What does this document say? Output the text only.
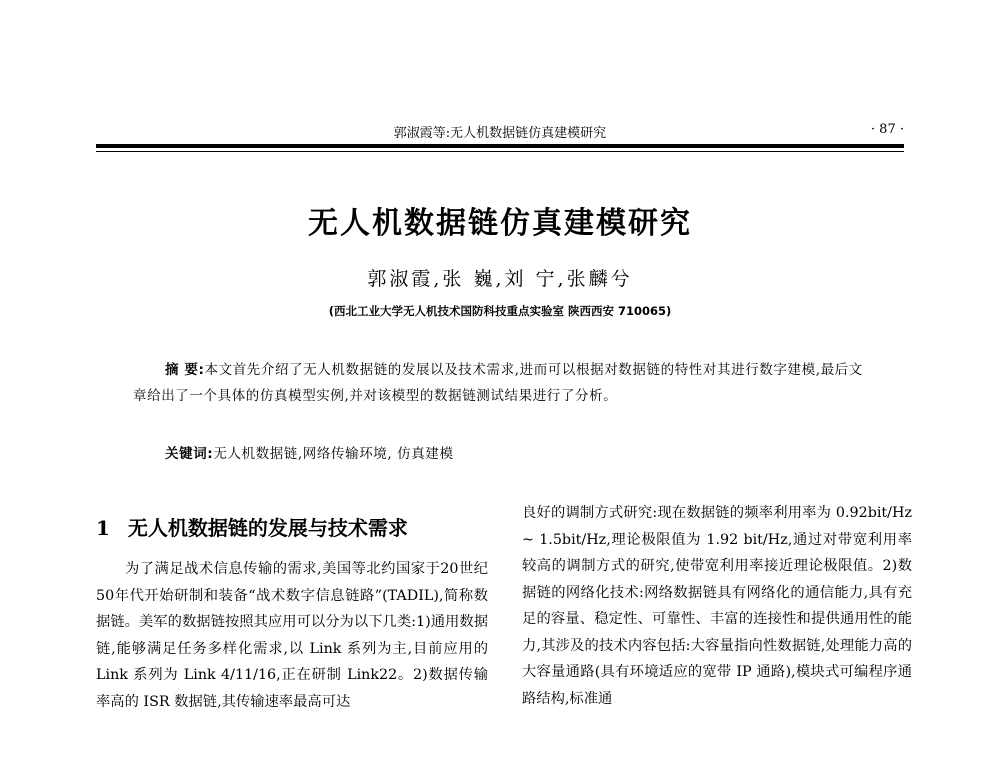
郭淑霞等:无人机数据链仿真建模研究	· 87 ·
无人机数据链仿真建模研究
郭淑霞,张 巍,刘 宁,张麟兮
(西北工业大学无人机技术国防科技重点实验室 陕西西安 710065)
摘 要:本文首先介绍了无人机数据链的发展以及技术需求,进而可以根据对数据链的特性对其进行数字建模,最后文章给出了一个具体的仿真模型实例,并对该模型的数据链测试结果进行了分析。
关键词:无人机数据链,网络传输环境, 仿真建模
1 无人机数据链的发展与技术需求
为了满足战术信息传输的需求,美国等北约国家于20世纪50年代开始研制和装备“战术数字信息链路”(TADIL),简称数据链。美军的数据链按照其应用可以分为以下几类:1)通用数据链,能够满足任务多样化需求,以 Link 系列为主,目前应用的 Link 系列为 Link 4/11/16,正在研制 Link22。2)数据传输率高的 ISR 数据链,其传输速率最高可达
良好的调制方式研究:现在数据链的频率利用率为 0.92bit/Hz ~ 1.5bit/Hz,理论极限值为 1.92 bit/Hz,通过对带宽利用率较高的调制方式的研究,使带宽利用率接近理论极限值。2)数据链的网络化技术:网络数据链具有网络化的通信能力,具有充足的容量、稳定性、可靠性、丰富的连接性和提供通用性的能力,其涉及的技术内容包括:大容量指向性数据链,处理能力高的大容量通路(具有环境适应的宽带 IP 通路),模块式可编程序通路结构,标准通
